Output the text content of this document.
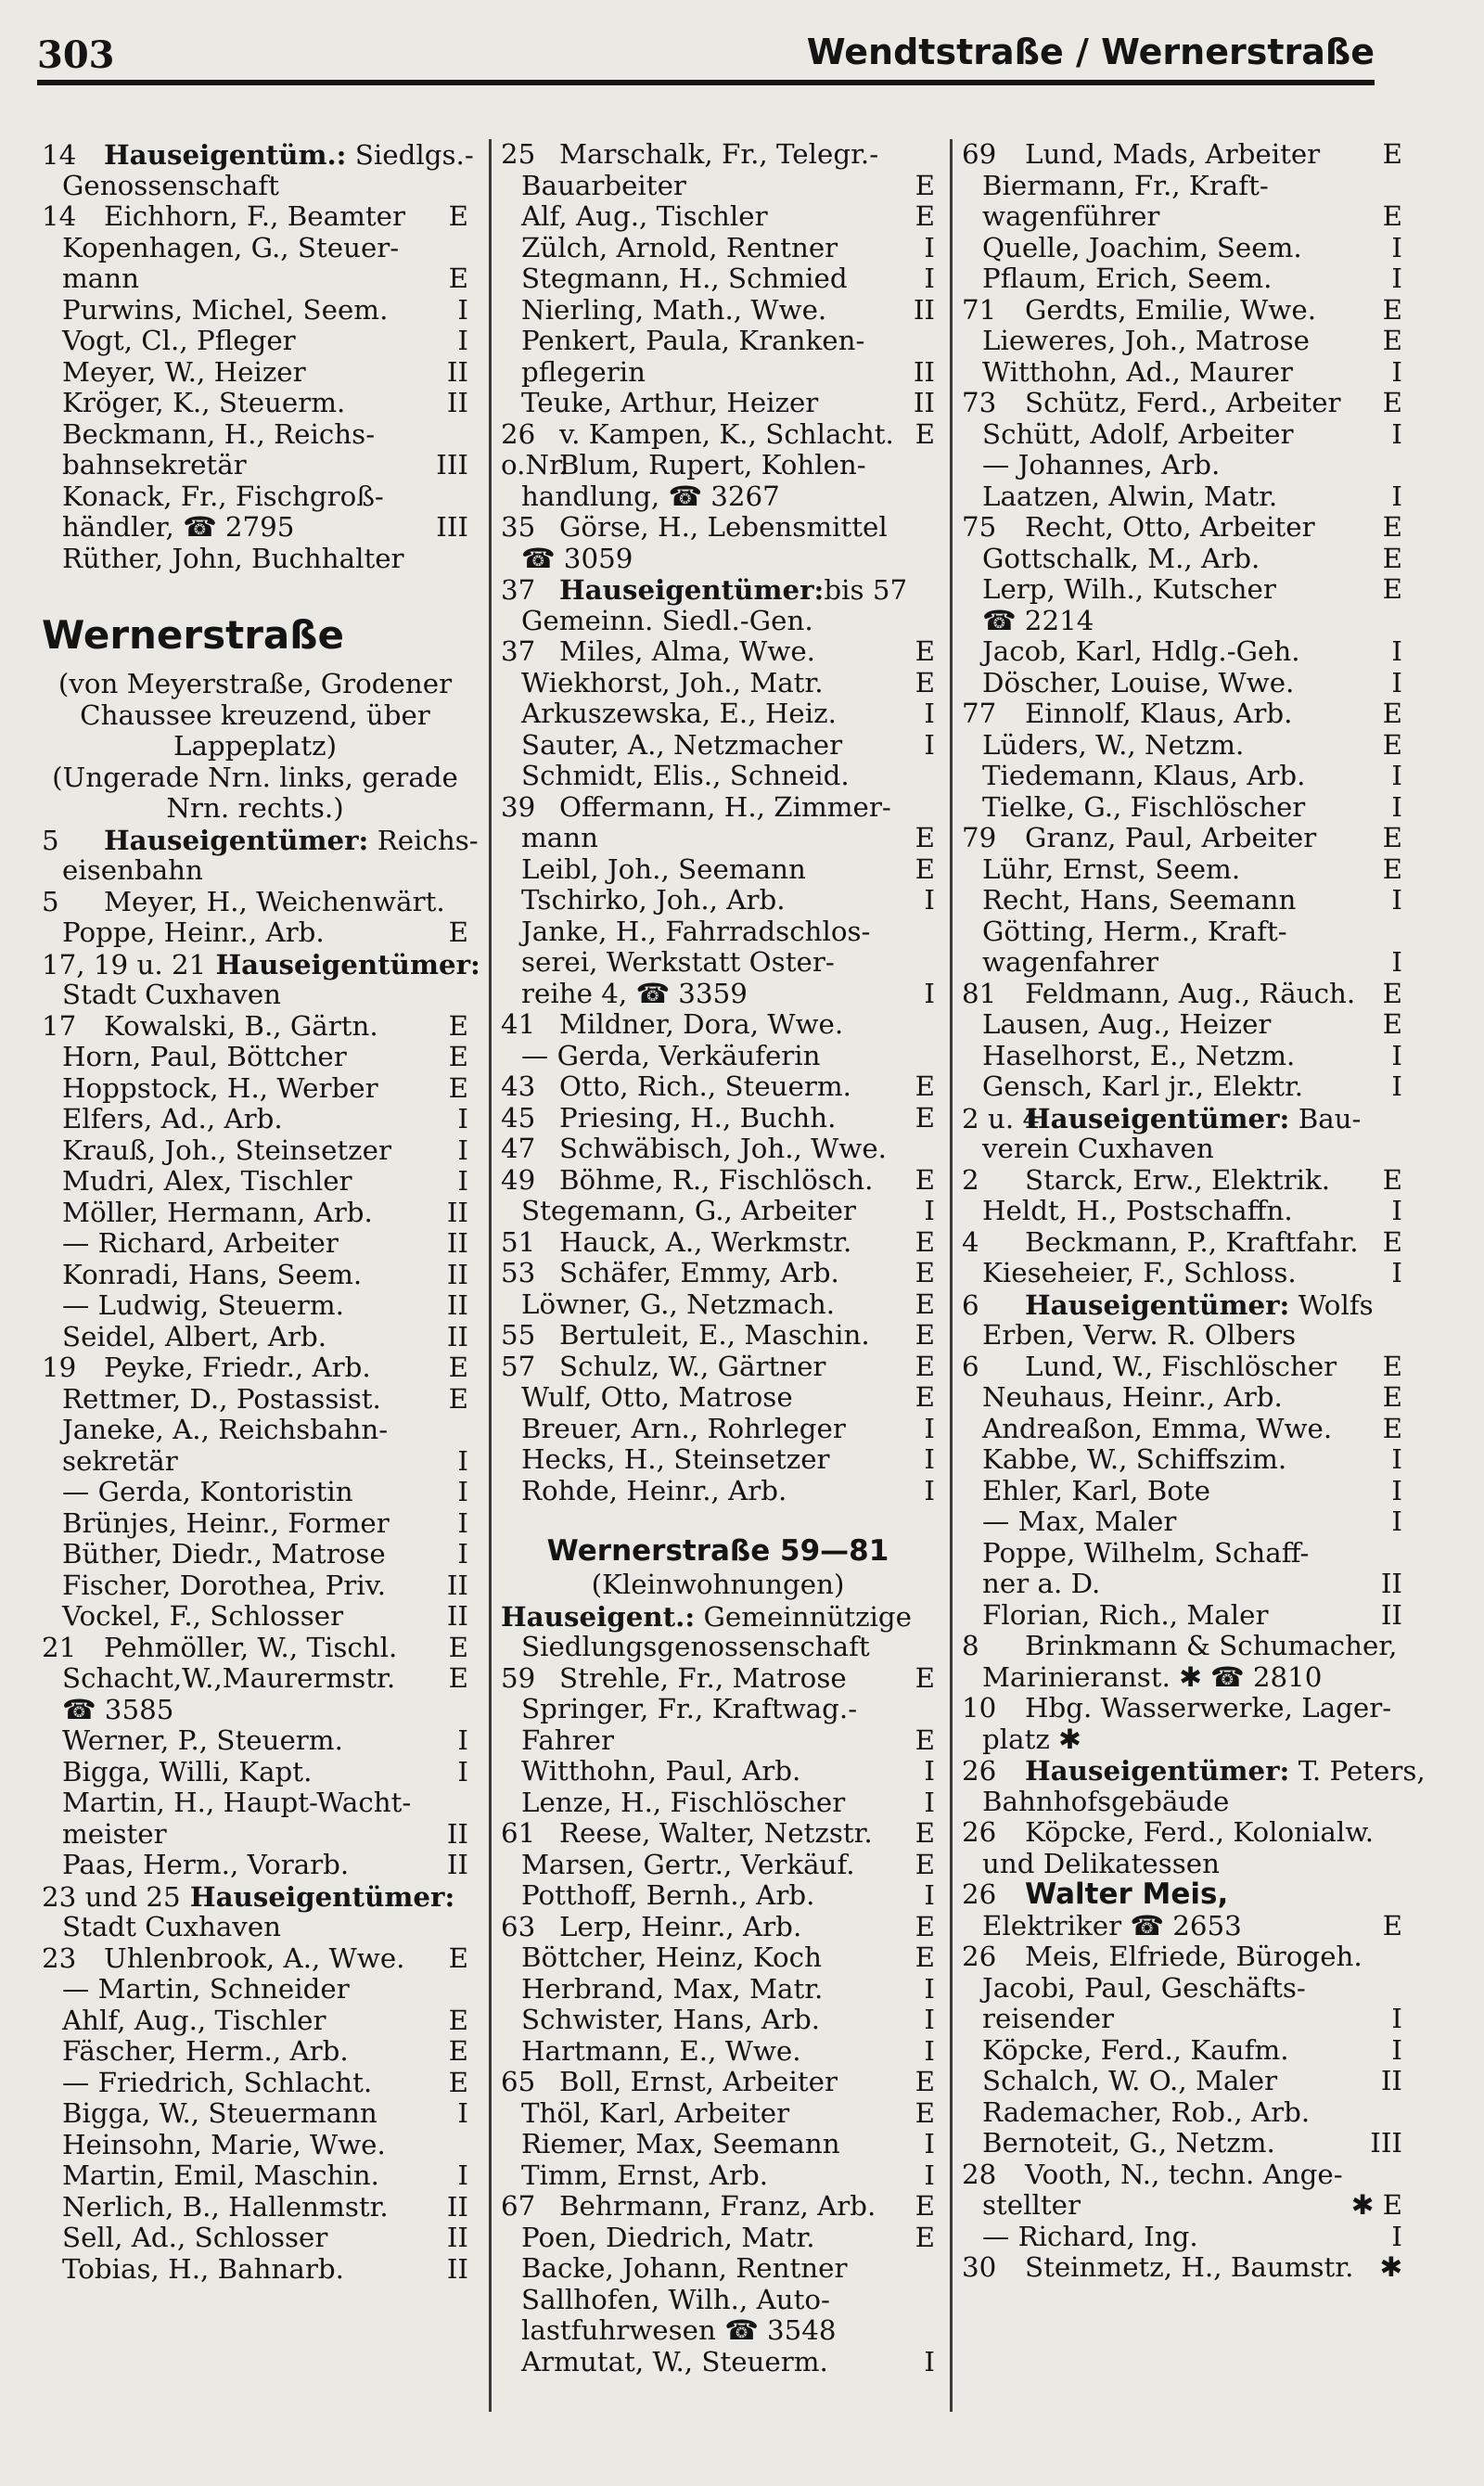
303	Wendtstraße / Wernerstraße
14	Hauseigentüm.: Siedlgs.-
Genossenschaft
14	Eichhorn, F., Beamter	E
Kopenhagen, G., Steuer-
mann	E
Purwins, Michel, Seem.	I
Vogt, Cl., Pfleger	I
Meyer, W., Heizer	II
Kröger, K., Steuerm.	II
Beckmann, H., Reichs-
bahnsekretär	III
Konack, Fr., Fischgroß-
händler, ☎ 2795	III
Rüther, John, Buchhalter
Wernerstraße
(von Meyerstraße, Grodener
Chaussee kreuzend, über
Lappeplatz)
(Ungerade Nrn. links, gerade
Nrn. rechts.)
5	Hauseigentümer: Reichs-
eisenbahn
5	Meyer, H., Weichenwärt.
Poppe, Heinr., Arb.	E
17, 19 u. 21 Hauseigentümer:
Stadt Cuxhaven
17	Kowalski, B., Gärtn.	E
Horn, Paul, Böttcher	E
Hoppstock, H., Werber	E
Elfers, Ad., Arb.	I
Krauß, Joh., Steinsetzer	I
Mudri, Alex, Tischler	I
Möller, Hermann, Arb.	II
— Richard, Arbeiter	II
Konradi, Hans, Seem.	II
— Ludwig, Steuerm.	II
Seidel, Albert, Arb.	II
19	Peyke, Friedr., Arb.	E
Rettmer, D., Postassist.	E
Janeke, A., Reichsbahn-
sekretär	I
— Gerda, Kontoristin	I
Brünjes, Heinr., Former	I
Büther, Diedr., Matrose	I
Fischer, Dorothea, Priv.	II
Vockel, F., Schlosser	II
21	Pehmöller, W., Tischl.	E
Schacht,W.,Maurermstr.	E
☎ 3585
Werner, P., Steuerm.	I
Bigga, Willi, Kapt.	I
Martin, H., Haupt-Wacht-
meister	II
Paas, Herm., Vorarb.	II
23 und 25 Hauseigentümer:
Stadt Cuxhaven
23	Uhlenbrook, A., Wwe.	E
— Martin, Schneider
Ahlf, Aug., Tischler	E
Fäscher, Herm., Arb.	E
— Friedrich, Schlacht.	E
Bigga, W., Steuermann	I
Heinsohn, Marie, Wwe.
Martin, Emil, Maschin.	I
Nerlich, B., Hallenmstr.	II
Sell, Ad., Schlosser	II
Tobias, H., Bahnarb.	II
25 Marschalk, Fr., Telegr.-
Bauarbeiter	E
Alf, Aug., Tischler	E
Zülch, Arnold, Rentner	I
Stegmann, H., Schmied	I
Nierling, Math., Wwe.	II
Penkert, Paula, Kranken-
pflegerin	II
Teuke, Arthur, Heizer	II
26 v. Kampen, K., Schlacht. E
o.Nr.
Blum, Rupert, Kohlen-
handlung, ☎ 3267
35 Görse, H., Lebensmittel
☎ 3059
37 Hauseigentümer:bis 57
Gemeinn. Siedl.-Gen.
37 Miles, Alma, Wwe.	E
Wiekhorst, Joh., Matr.	E
Arkuszewska, E., Heiz.	I
Sauter, A., Netzmacher	I
Schmidt, Elis., Schneid.
39 Offermann, H., Zimmer-
mann	E
Leibl, Joh., Seemann	E
Tschirko, Joh., Arb.	I
Janke, H., Fahrradschlos-
serei, Werkstatt Oster-
reihe 4, ☎ 3359	I
41 Mildner, Dora, Wwe.
— Gerda, Verkäuferin
43 Otto, Rich., Steuerm.	E
45 Priesing, H., Buchh.	E
47 Schwäbisch, Joh., Wwe.
49 Böhme, R., Fischlösch.	E
Stegemann, G., Arbeiter	I
51 Hauck, A., Werkmstr.	E
53 Schäfer, Emmy, Arb.	E
Löwner, G., Netzmach.	E
55 Bertuleit, E., Maschin.	E
57 Schulz, W., Gärtner	E
Wulf, Otto, Matrose	E
Breuer, Arn., Rohrleger	I
Hecks, H., Steinsetzer	I
Rohde, Heinr., Arb.	I
Wernerstraße 59—81
(Kleinwohnungen)
Hauseigent.: Gemeinnützige
Siedlungsgenossenschaft
59 Strehle, Fr., Matrose	E
Springer, Fr., Kraftwag.-
Fahrer	E
Witthohn, Paul, Arb.	I
Lenze, H., Fischlöscher	I
61 Reese, Walter, Netzstr.	E
Marsen, Gertr., Verkäuf.	E
Potthoff, Bernh., Arb.	I
63 Lerp, Heinr., Arb.	E
Böttcher, Heinz, Koch	E
Herbrand, Max, Matr.	I
Schwister, Hans, Arb.	I
Hartmann, E., Wwe.	I
65 Boll, Ernst, Arbeiter	E
Thöl, Karl, Arbeiter	E
Riemer, Max, Seemann	I
Timm, Ernst, Arb.	I
67 Behrmann, Franz, Arb.	E
Poen, Diedrich, Matr.	E
Backe, Johann, Rentner
Sallhofen, Wilh., Auto-
lastfuhrwesen ☎ 3548
Armutat, W., Steuerm.	I
69	Lund, Mads, Arbeiter	E
Biermann, Fr., Kraft-
wagenführer	E
Quelle, Joachim, Seem.	I
Pflaum, Erich, Seem.	I
71	Gerdts, Emilie, Wwe.	E
Lieweres, Joh., Matrose	E
Witthohn, Ad., Maurer	I
73	Schütz, Ferd., Arbeiter	E
Schütt, Adolf, Arbeiter	I
— Johannes, Arb.
Laatzen, Alwin, Matr.	I
75	Recht, Otto, Arbeiter	E
Gottschalk, M., Arb.	E
Lerp, Wilh., Kutscher	E
☎ 2214
Jacob, Karl, Hdlg.-Geh.	I
Döscher, Louise, Wwe.	I
77	Einnolf, Klaus, Arb.	E
Lüders, W., Netzm.	E
Tiedemann, Klaus, Arb.	I
Tielke, G., Fischlöscher	I
79	Granz, Paul, Arbeiter	E
Lühr, Ernst, Seem.	E
Recht, Hans, Seemann	I
Götting, Herm., Kraft-
wagenfahrer	I
81	Feldmann, Aug., Räuch.	E
Lausen, Aug., Heizer	E
Haselhorst, E., Netzm.	I
Gensch, Karl jr., Elektr.	I
2 u. 4
Hauseigentümer: Bau-
verein Cuxhaven
2	Starck, Erw., Elektrik.	E
Heldt, H., Postschaffn.	I
4	Beckmann, P., Kraftfahr. E
Kieseheier, F., Schloss.	I
6	Hauseigentümer: Wolfs
Erben, Verw. R. Olbers
6	Lund, W., Fischlöscher	E
Neuhaus, Heinr., Arb.	E
Andreaßon, Emma, Wwe.	E
Kabbe, W., Schiffszim.	I
Ehler, Karl, Bote	I
— Max, Maler	I
Poppe, Wilhelm, Schaff-
ner a. D.	II
Florian, Rich., Maler	II
8	Brinkmann & Schumacher,
Marinieranst. ✱ ☎ 2810
10	Hbg. Wasserwerke, Lager-
platz ✱
26	Hauseigentümer: T. Peters,
Bahnhofsgebäude
26	Köpcke, Ferd., Kolonialw.
und Delikatessen
26 Walter Meis,
Elektriker ☎ 2653	E
26	Meis, Elfriede, Bürogeh.
Jacobi, Paul, Geschäfts-
reisender	I
Köpcke, Ferd., Kaufm.	I
Schalch, W. O., Maler	II
Rademacher, Rob., Arb.
Bernoteit, G., Netzm.	III
28	Vooth, N., techn. Ange-
stellter	✱ E
— Richard, Ing.	I
30	Steinmetz, H., Baumstr. ✱
